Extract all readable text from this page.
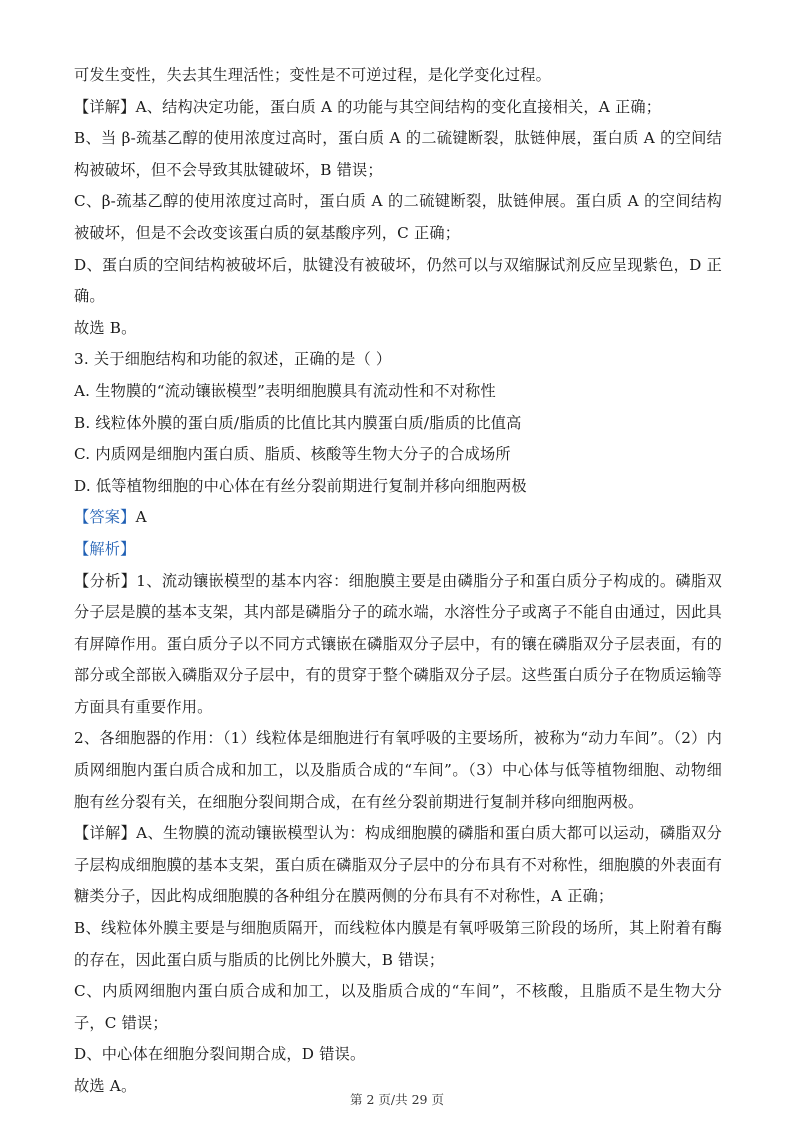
可发生变性，失去其生理活性；变性是不可逆过程，是化学变化过程。

【详解】A、结构决定功能，蛋白质 A 的功能与其空间结构的变化直接相关，A 正确；

B、当 β-巯基乙醇的使用浓度过高时，蛋白质 A 的二硫键断裂，肽链伸展，蛋白质 A 的空间结构被破坏，但不会导致其肽键破坏，B 错误；

C、β-巯基乙醇的使用浓度过高时，蛋白质 A 的二硫键断裂，肽链伸展。蛋白质 A 的空间结构被破坏，但是不会改变该蛋白质的氨基酸序列，C 正确；

D、蛋白质的空间结构被破坏后，肽键没有被破坏，仍然可以与双缩脲试剂反应呈现紫色，D 正确。

故选 B。

3. 关于细胞结构和功能的叙述，正确的是（ ）

A. 生物膜的“流动镶嵌模型”表明细胞膜具有流动性和不对称性

B. 线粒体外膜的蛋白质/脂质的比值比其内膜蛋白质/脂质的比值高

C. 内质网是细胞内蛋白质、脂质、核酸等生物大分子的合成场所

D. 低等植物细胞的中心体在有丝分裂前期进行复制并移向细胞两极

【答案】A

【解析】

【分析】1、流动镶嵌模型的基本内容：细胞膜主要是由磷脂分子和蛋白质分子构成的。磷脂双分子层是膜的基本支架，其内部是磷脂分子的疏水端，水溶性分子或离子不能自由通过，因此具有屏障作用。蛋白质分子以不同方式镶嵌在磷脂双分子层中，有的镶在磷脂双分子层表面，有的部分或全部嵌入磷脂双分子层中，有的贯穿于整个磷脂双分子层。这些蛋白质分子在物质运输等方面具有重要作用。

2、各细胞器的作用：（1）线粒体是细胞进行有氧呼吸的主要场所，被称为“动力车间”。（2）内质网细胞内蛋白质合成和加工，以及脂质合成的“车间”。（3）中心体与低等植物细胞、动物细胞有丝分裂有关，在细胞分裂间期合成，在有丝分裂前期进行复制并移向细胞两极。

【详解】A、生物膜的流动镶嵌模型认为：构成细胞膜的磷脂和蛋白质大都可以运动，磷脂双分子层构成细胞膜的基本支架，蛋白质在磷脂双分子层中的分布具有不对称性，细胞膜的外表面有糖类分子，因此构成细胞膜的各种组分在膜两侧的分布具有不对称性，A 正确；

B、线粒体外膜主要是与细胞质隔开，而线粒体内膜是有氧呼吸第三阶段的场所，其上附着有酶的存在，因此蛋白质与脂质的比例比外膜大，B 错误；

C、内质网细胞内蛋白质合成和加工，以及脂质合成的“车间”，不核酸，且脂质不是生物大分子，C 错误；

D、中心体在细胞分裂间期合成，D 错误。

故选 A。

第 2 页/共 29 页
